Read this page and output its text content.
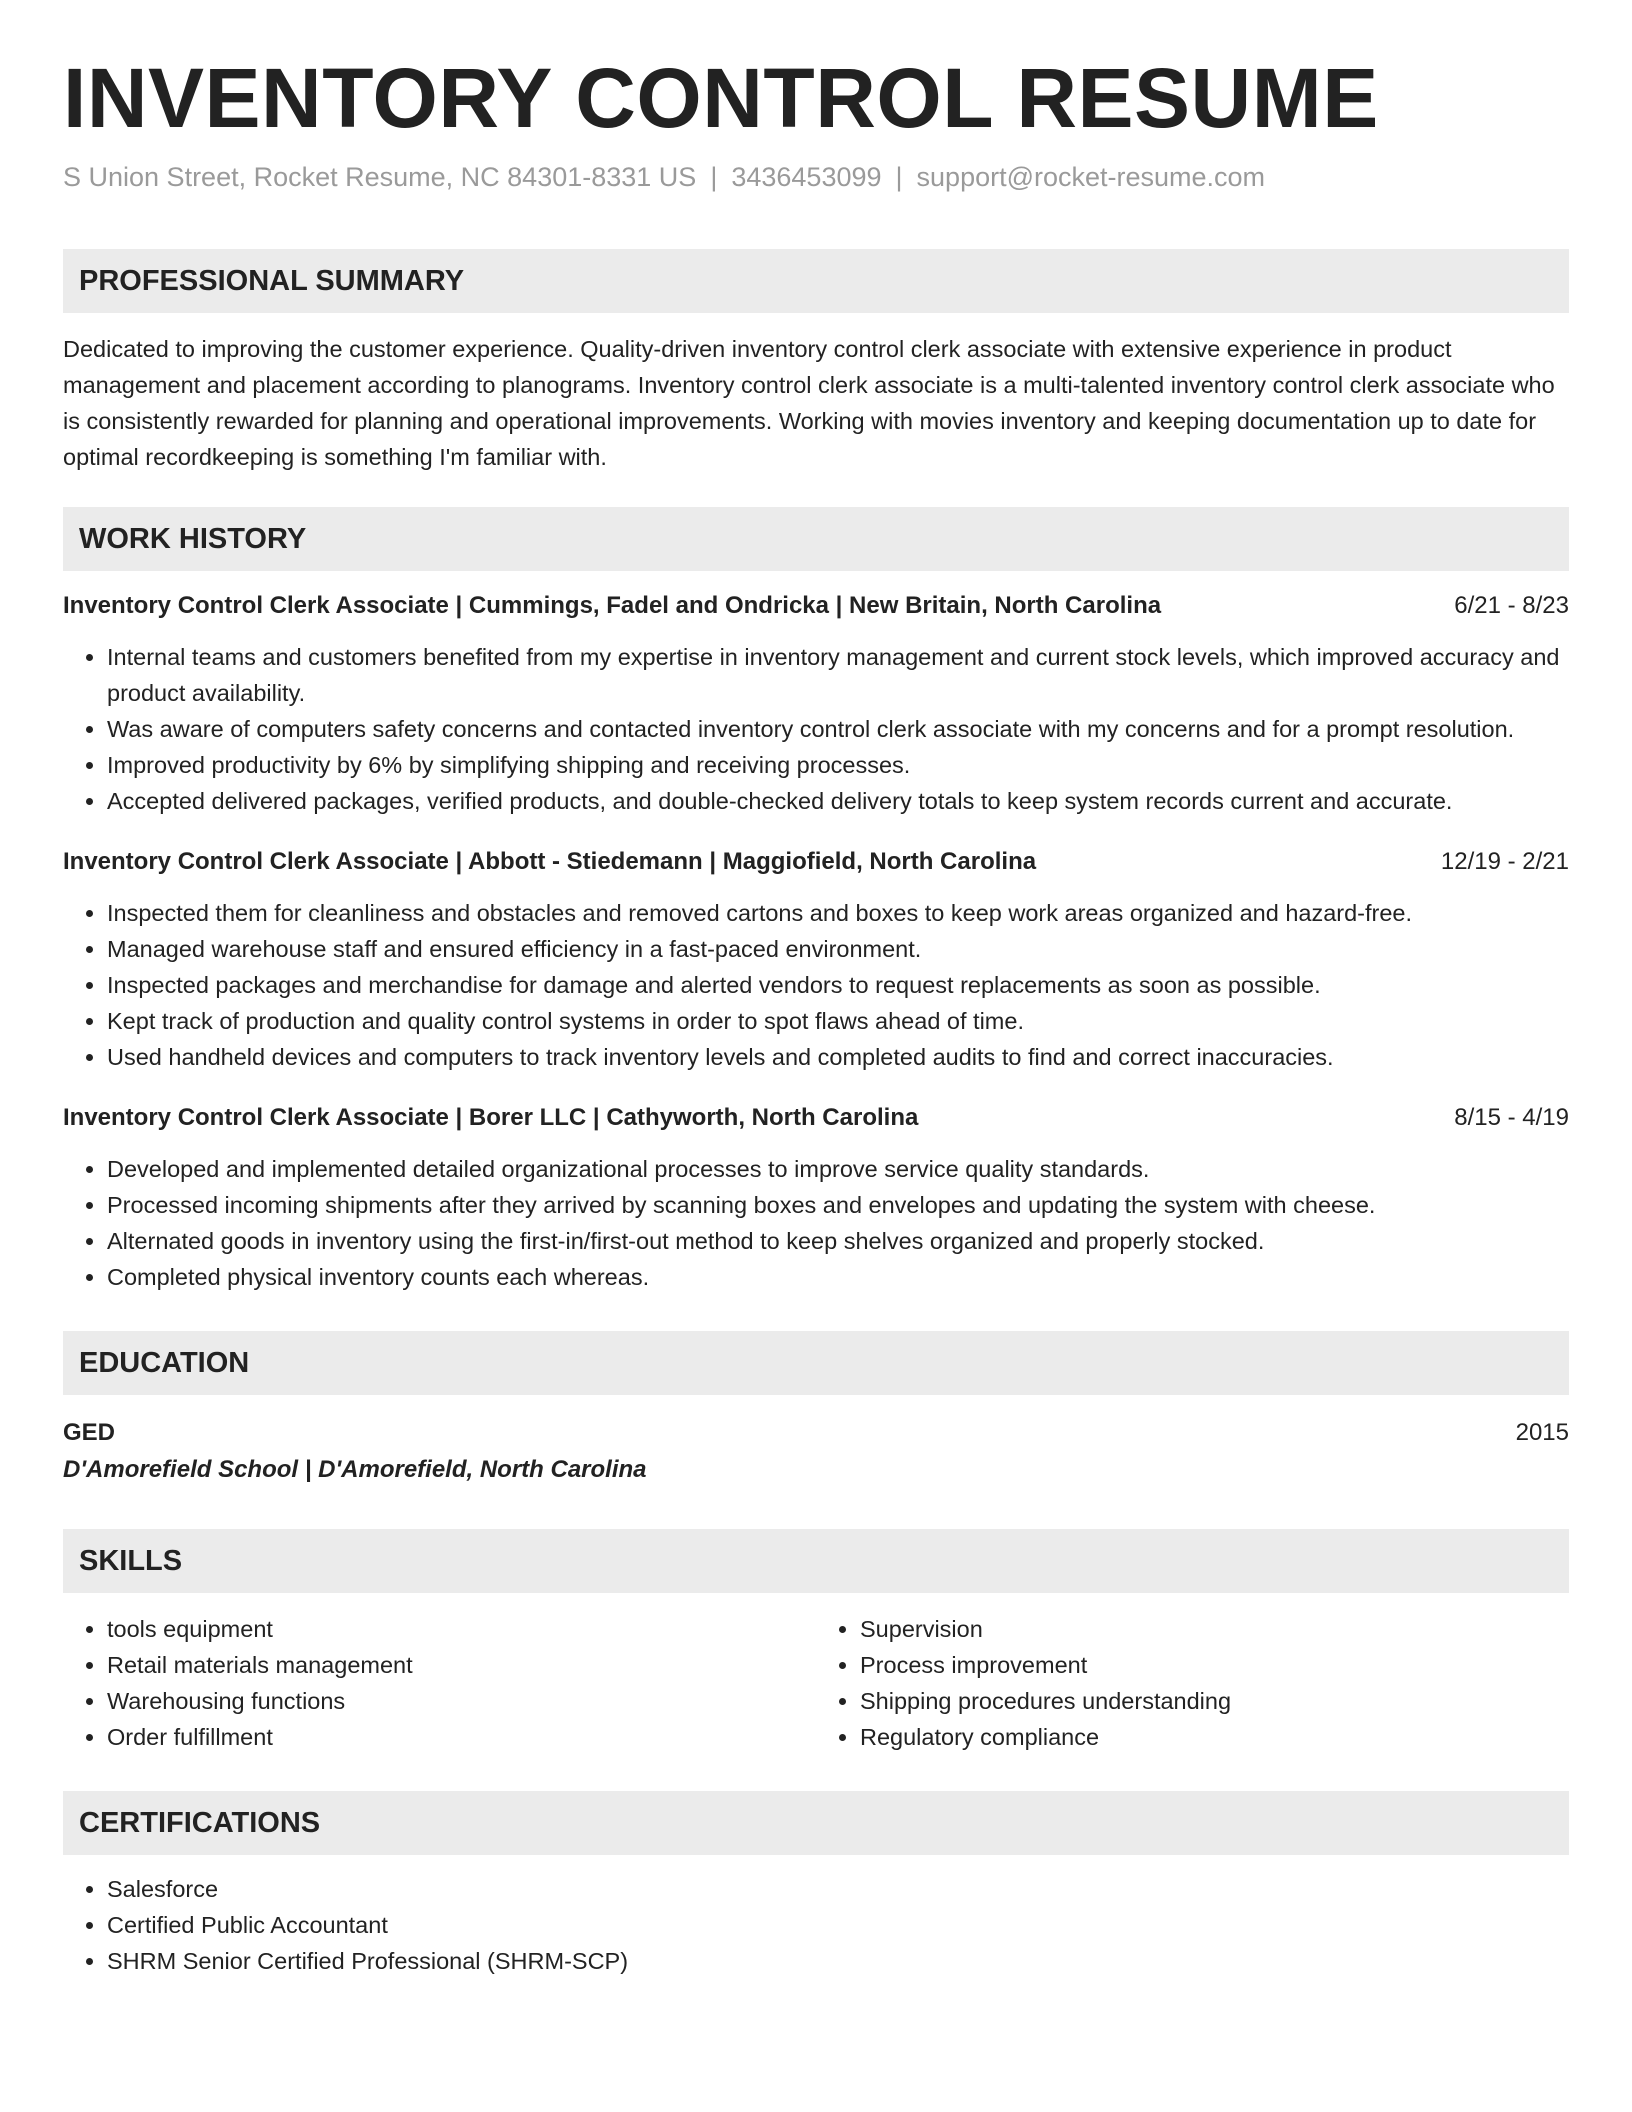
INVENTORY CONTROL RESUME
S Union Street, Rocket Resume, NC 84301-8331 US | 3436453099 | support@rocket-resume.com
PROFESSIONAL SUMMARY
Dedicated to improving the customer experience. Quality-driven inventory control clerk associate with extensive experience in product management and placement according to planograms. Inventory control clerk associate is a multi-talented inventory control clerk associate who is consistently rewarded for planning and operational improvements. Working with movies inventory and keeping documentation up to date for optimal recordkeeping is something I'm familiar with.
WORK HISTORY
Inventory Control Clerk Associate | Cummings, Fadel and Ondricka | New Britain, North Carolina	6/21 - 8/23
• Internal teams and customers benefited from my expertise in inventory management and current stock levels, which improved accuracy and product availability.
• Was aware of computers safety concerns and contacted inventory control clerk associate with my concerns and for a prompt resolution.
• Improved productivity by 6% by simplifying shipping and receiving processes.
• Accepted delivered packages, verified products, and double-checked delivery totals to keep system records current and accurate.
Inventory Control Clerk Associate | Abbott - Stiedemann | Maggiofield, North Carolina	12/19 - 2/21
• Inspected them for cleanliness and obstacles and removed cartons and boxes to keep work areas organized and hazard-free.
• Managed warehouse staff and ensured efficiency in a fast-paced environment.
• Inspected packages and merchandise for damage and alerted vendors to request replacements as soon as possible.
• Kept track of production and quality control systems in order to spot flaws ahead of time.
• Used handheld devices and computers to track inventory levels and completed audits to find and correct inaccuracies.
Inventory Control Clerk Associate | Borer LLC | Cathyworth, North Carolina	8/15 - 4/19
• Developed and implemented detailed organizational processes to improve service quality standards.
• Processed incoming shipments after they arrived by scanning boxes and envelopes and updating the system with cheese.
• Alternated goods in inventory using the first-in/first-out method to keep shelves organized and properly stocked.
• Completed physical inventory counts each whereas.
EDUCATION
GED	2015
D'Amorefield School | D'Amorefield, North Carolina
SKILLS
• tools equipment
• Retail materials management
• Warehousing functions
• Order fulfillment
• Supervision
• Process improvement
• Shipping procedures understanding
• Regulatory compliance
CERTIFICATIONS
• Salesforce
• Certified Public Accountant
• SHRM Senior Certified Professional (SHRM-SCP)
